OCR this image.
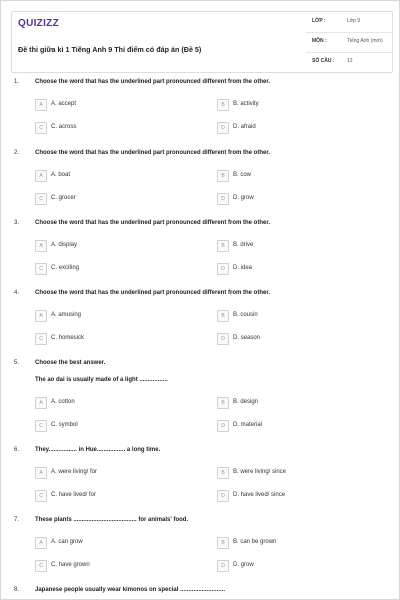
QUIZIZZ
Đề thi giữa kì 1 Tiếng Anh 9 Thí điểm có đáp án (Đề 5)
LỚP :	Lớp 9
MÔN :	Tiếng Anh (mới)
SỐ CÂU :	12
1.	Choose the word that has the underlined part pronounced different from the other.
A	A. accept	B	B. activity
C	C. across	D	D. afraid
2.	Choose the word that has the underlined part pronounced different from the other.
A	A. boat	B	B. cow
C	C. grocer	D	D. grow
3.	Choose the word that has the underlined part pronounced different from the other.
A	A. display	B	B. drive
C	C. exciting	D	D. idea
4.	Choose the word that has the underlined part pronounced different from the other.
A	A. amusing	B	B. cousin
C	C. homesick	D	D. season
5.	Choose the best answer.
The ao dai is usually made of a light .................
A	A. cotton	B	B. design
C	C. symbol	D	D. material
6.	They................. in Hue................. a long time.
A	A. were living/ for	B	B. were living/ since
C	C. have lived/ for	D	D. have lived/ since
7.	These plants ...................................... for animals' food.
A	A. can grow	B	B. can be grown
C	C. have grown	D	D. grow
8.	Japanese people usually wear kimonos on special ...........................
